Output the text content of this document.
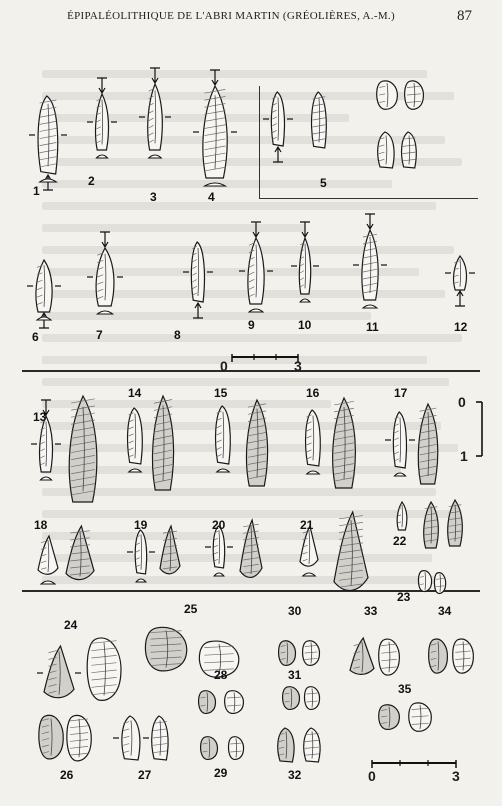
ÉPIPALÉOLITHIQUE DE L'ABRI MARTIN (GRÉOLIÈRES, A.-M.)	87
1
2
3	4
5
6	7	8
9	10	11	12
13
14	15	16	17
18	19	20	21
22
23
24
25
26	27
28
29
30
31
32
33	34
35
0	3
0
1
0	3
